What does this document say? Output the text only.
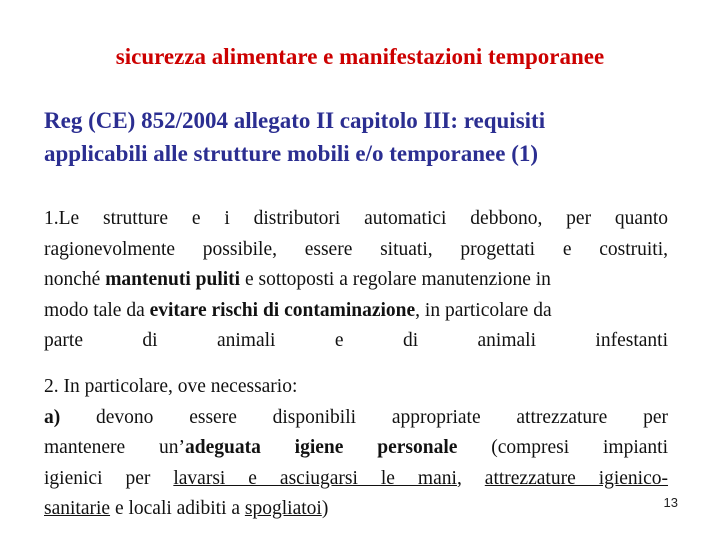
sicurezza alimentare e manifestazioni temporanee
Reg (CE) 852/2004 allegato II capitolo III: requisiti
applicabili alle strutture mobili e/o temporanee (1)
1.Le strutture e i distributori automatici debbono, per quanto
ragionevolmente possibile, essere situati, progettati e costruiti,
nonché mantenuti puliti e sottoposti a regolare manutenzione in
modo tale da evitare rischi di contaminazione, in particolare da
parte di animali e di animali infestanti
2. In particolare, ove necessario:
a) devono essere disponibili appropriate attrezzature per
mantenere un’adeguata igiene personale (compresi impianti
igienici per lavarsi e asciugarsi le mani, attrezzature igienico-
sanitarie e locali adibiti a spogliatoi)	13
